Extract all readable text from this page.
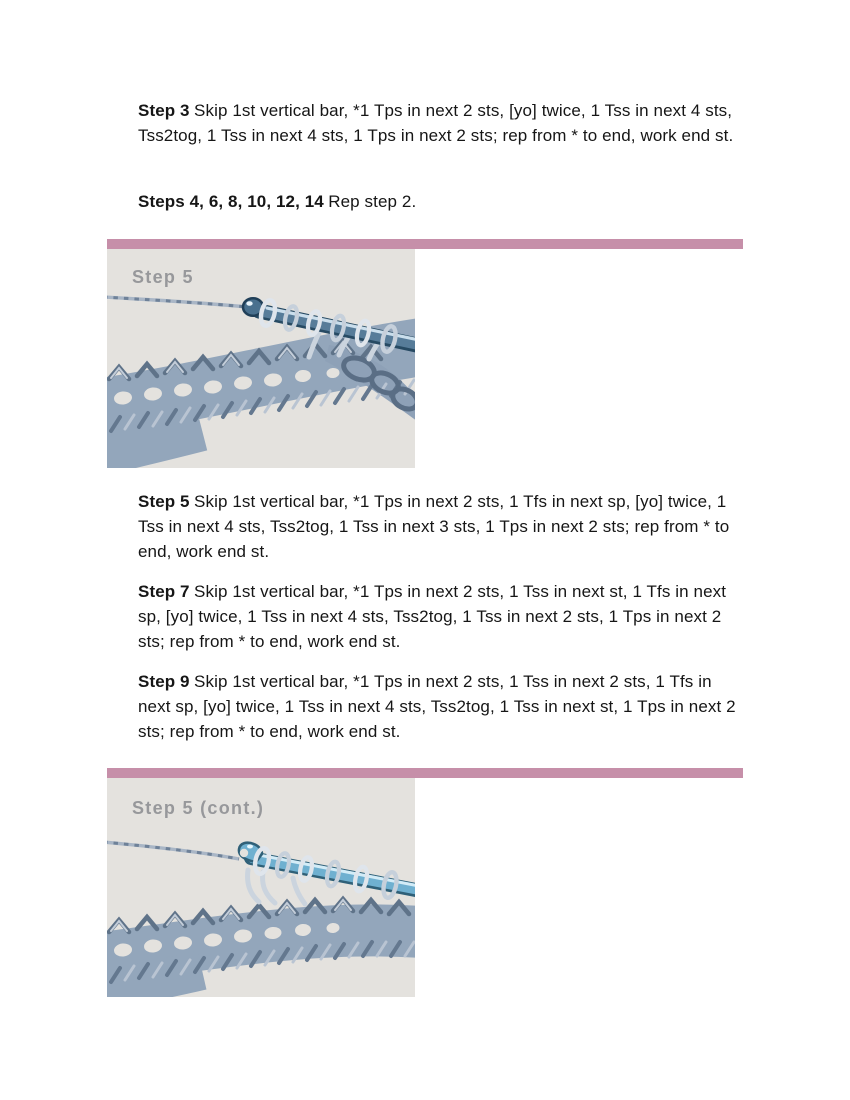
Step 3 Skip 1st vertical bar, *1 Tps in next 2 sts, [yo] twice, 1 Tss in next 4 sts, Tss2tog, 1 Tss in next 4 sts, 1 Tps in next 2 sts; rep from * to end, work end st.

Steps 4, 6, 8, 10, 12, 14 Rep step 2.

Step 5

Step 5 Skip 1st vertical bar, *1 Tps in next 2 sts, 1 Tfs in next sp, [yo] twice, 1 Tss in next 4 sts, Tss2tog, 1 Tss in next 3 sts, 1 Tps in next 2 sts; rep from * to end, work end st.

Step 7 Skip 1st vertical bar, *1 Tps in next 2 sts, 1 Tss in next st, 1 Tfs in next sp, [yo] twice, 1 Tss in next 4 sts, Tss2tog, 1 Tss in next 2 sts, 1 Tps in next 2 sts; rep from * to end, work end st.

Step 9 Skip 1st vertical bar, *1 Tps in next 2 sts, 1 Tss in next 2 sts, 1 Tfs in next sp, [yo] twice, 1 Tss in next 4 sts, Tss2tog, 1 Tss in next st, 1 Tps in next 2 sts; rep from * to end, work end st.

Step 5 (cont.)
